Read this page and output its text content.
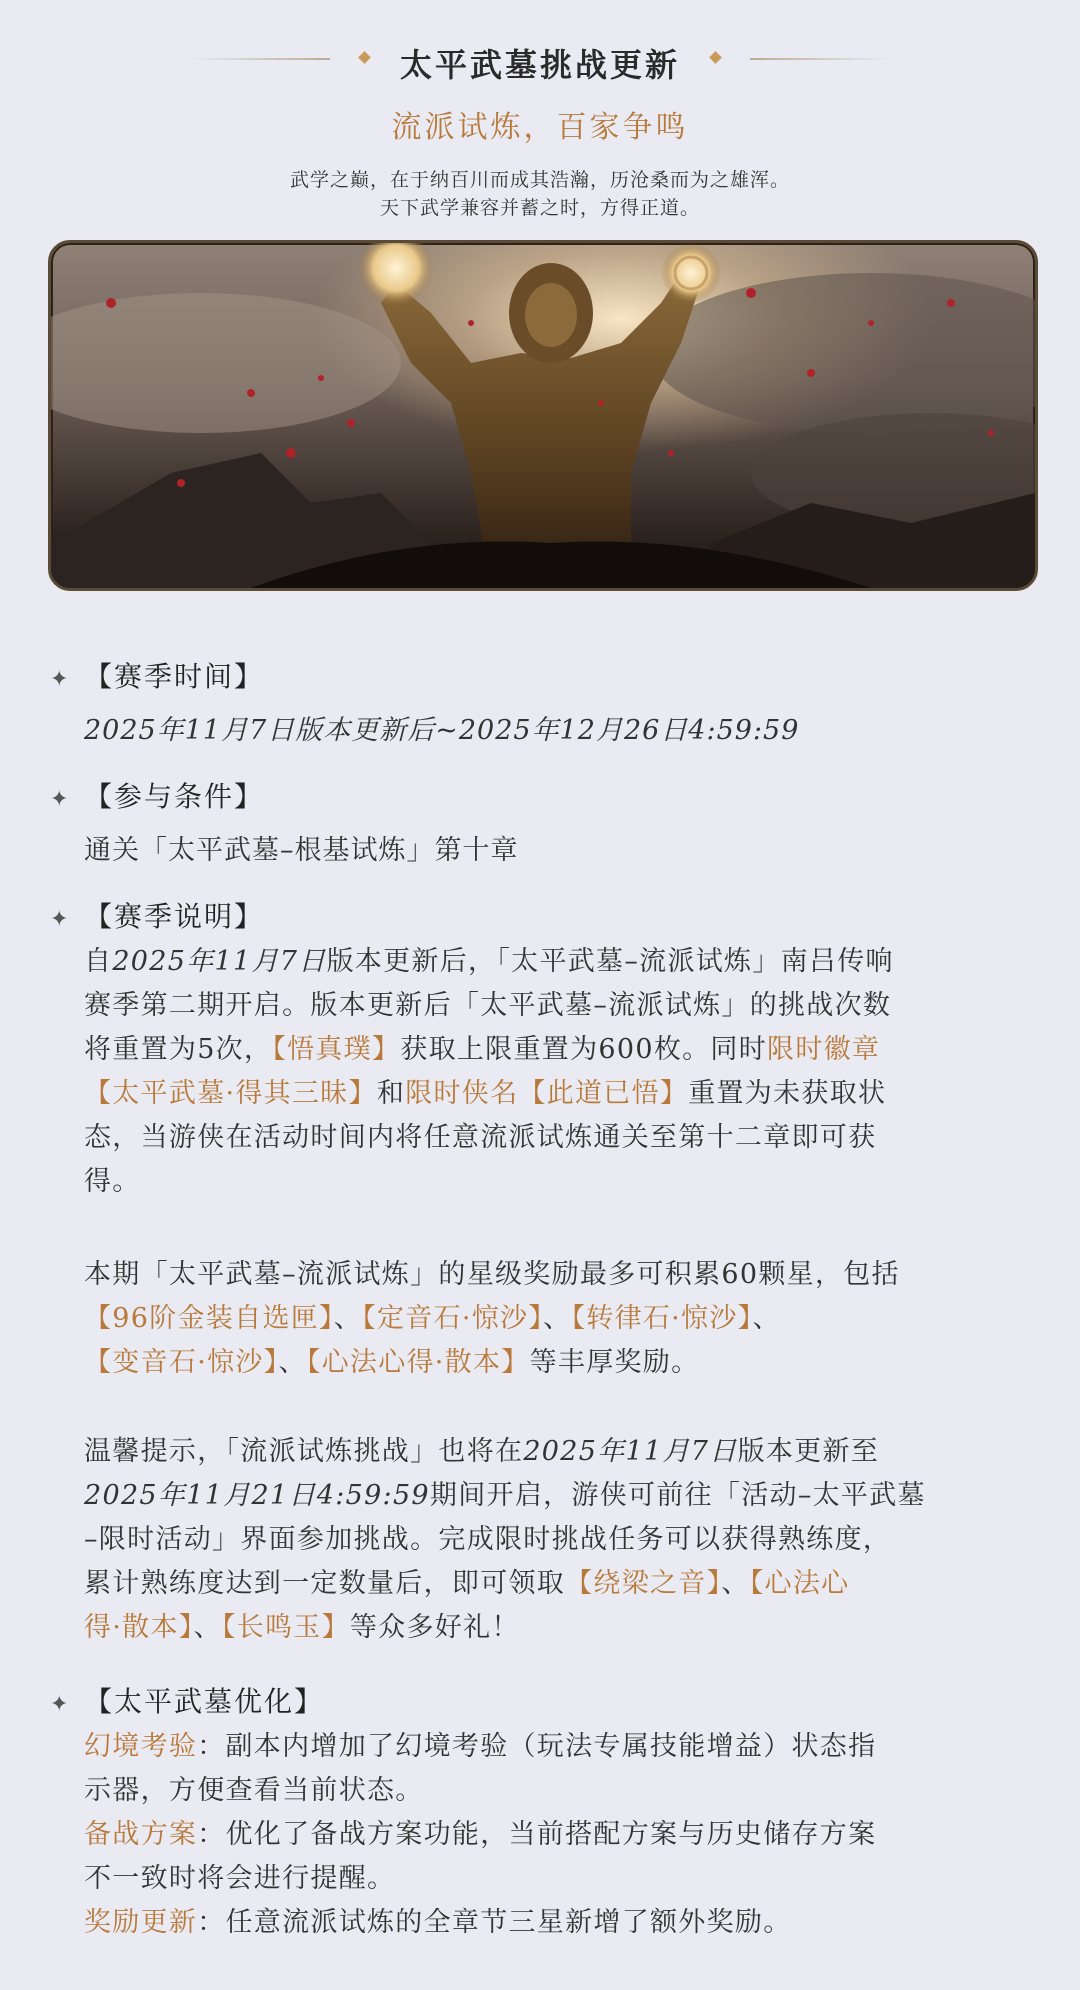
太平武墓挑战更新
流派试炼，百家争鸣
武学之巅，在于纳百川而成其浩瀚，历沧桑而为之雄浑。
天下武学兼容并蓄之时，方得正道。
✦ 【赛季时间】
2025年11月7日版本更新后~2025年12月26日4:59:59
✦ 【参与条件】
通关「太平武墓–根基试炼」第十章
✦ 【赛季说明】
自2025年11月7日版本更新后，「太平武墓–流派试炼」南吕传响
赛季第二期开启。版本更新后「太平武墓–流派试炼」的挑战次数
将重置为5次，【悟真璞】获取上限重置为600枚。同时限时徽章
【太平武墓·得其三昧】和限时侠名【此道已悟】重置为未获取状
态，当游侠在活动时间内将任意流派试炼通关至第十二章即可获
得。
本期「太平武墓–流派试炼」的星级奖励最多可积累60颗星，包括
【96阶金装自选匣】、【定音石·惊沙】、【转律石·惊沙】、
【变音石·惊沙】、【心法心得·散本】等丰厚奖励。
温馨提示，「流派试炼挑战」也将在2025年11月7日版本更新至
2025年11月21日4:59:59期间开启，游侠可前往「活动–太平武墓
–限时活动」界面参加挑战。完成限时挑战任务可以获得熟练度，
累计熟练度达到一定数量后，即可领取【绕梁之音】、【心法心
得·散本】、【长鸣玉】等众多好礼！
✦ 【太平武墓优化】
幻境考验：副本内增加了幻境考验（玩法专属技能增益）状态指
示器，方便查看当前状态。
备战方案：优化了备战方案功能，当前搭配方案与历史储存方案
不一致时将会进行提醒。
奖励更新：任意流派试炼的全章节三星新增了额外奖励。
